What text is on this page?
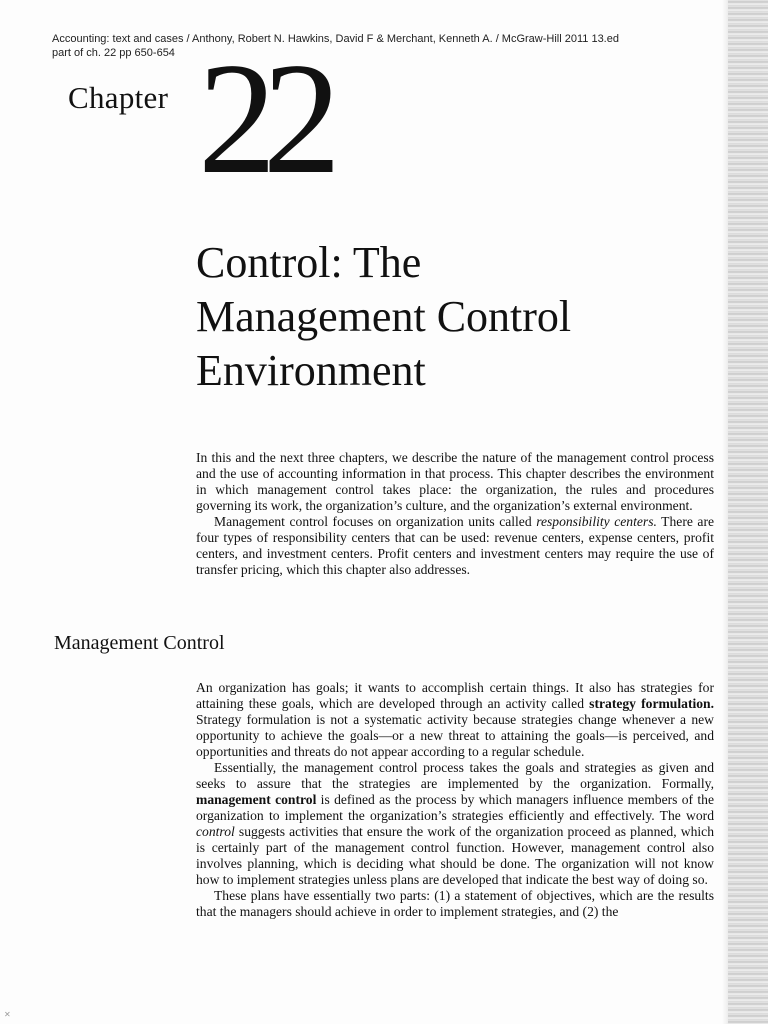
Accounting: text and cases / Anthony, Robert N. Hawkins, David F & Merchant, Kenneth A. / McGraw-Hill 2011 13.ed
part of ch. 22 pp 650-654
Chapter 22
Control: The
Management Control
Environment

In this and the next three chapters, we describe the nature of the management control process and the use of accounting information in that process. This chapter describes the environment in which management control takes place: the organization, the rules and procedures governing its work, the organization’s culture, and the organization’s external environment.

Management control focuses on organization units called responsibility centers. There are four types of responsibility centers that can be used: revenue centers, expense centers, profit centers, and investment centers. Profit centers and investment centers may require the use of transfer pricing, which this chapter also addresses.

Management Control

An organization has goals; it wants to accomplish certain things. It also has strategies for attaining these goals, which are developed through an activity called strategy formulation. Strategy formulation is not a systematic activity because strategies change whenever a new opportunity to achieve the goals—or a new threat to attaining the goals—is perceived, and opportunities and threats do not appear according to a regular schedule.

Essentially, the management control process takes the goals and strategies as given and seeks to assure that the strategies are implemented by the organization. Formally, management control is defined as the process by which managers influence members of the organization to implement the organization’s strategies efficiently and effectively. The word control suggests activities that ensure the work of the organization proceed as planned, which is certainly part of the management control function. However, management control also involves planning, which is deciding what should be done. The organization will not know how to implement strategies unless plans are developed that indicate the best way of doing so.

These plans have essentially two parts: (1) a statement of objectives, which are the results that the managers should achieve in order to implement strategies, and (2) the

✕
